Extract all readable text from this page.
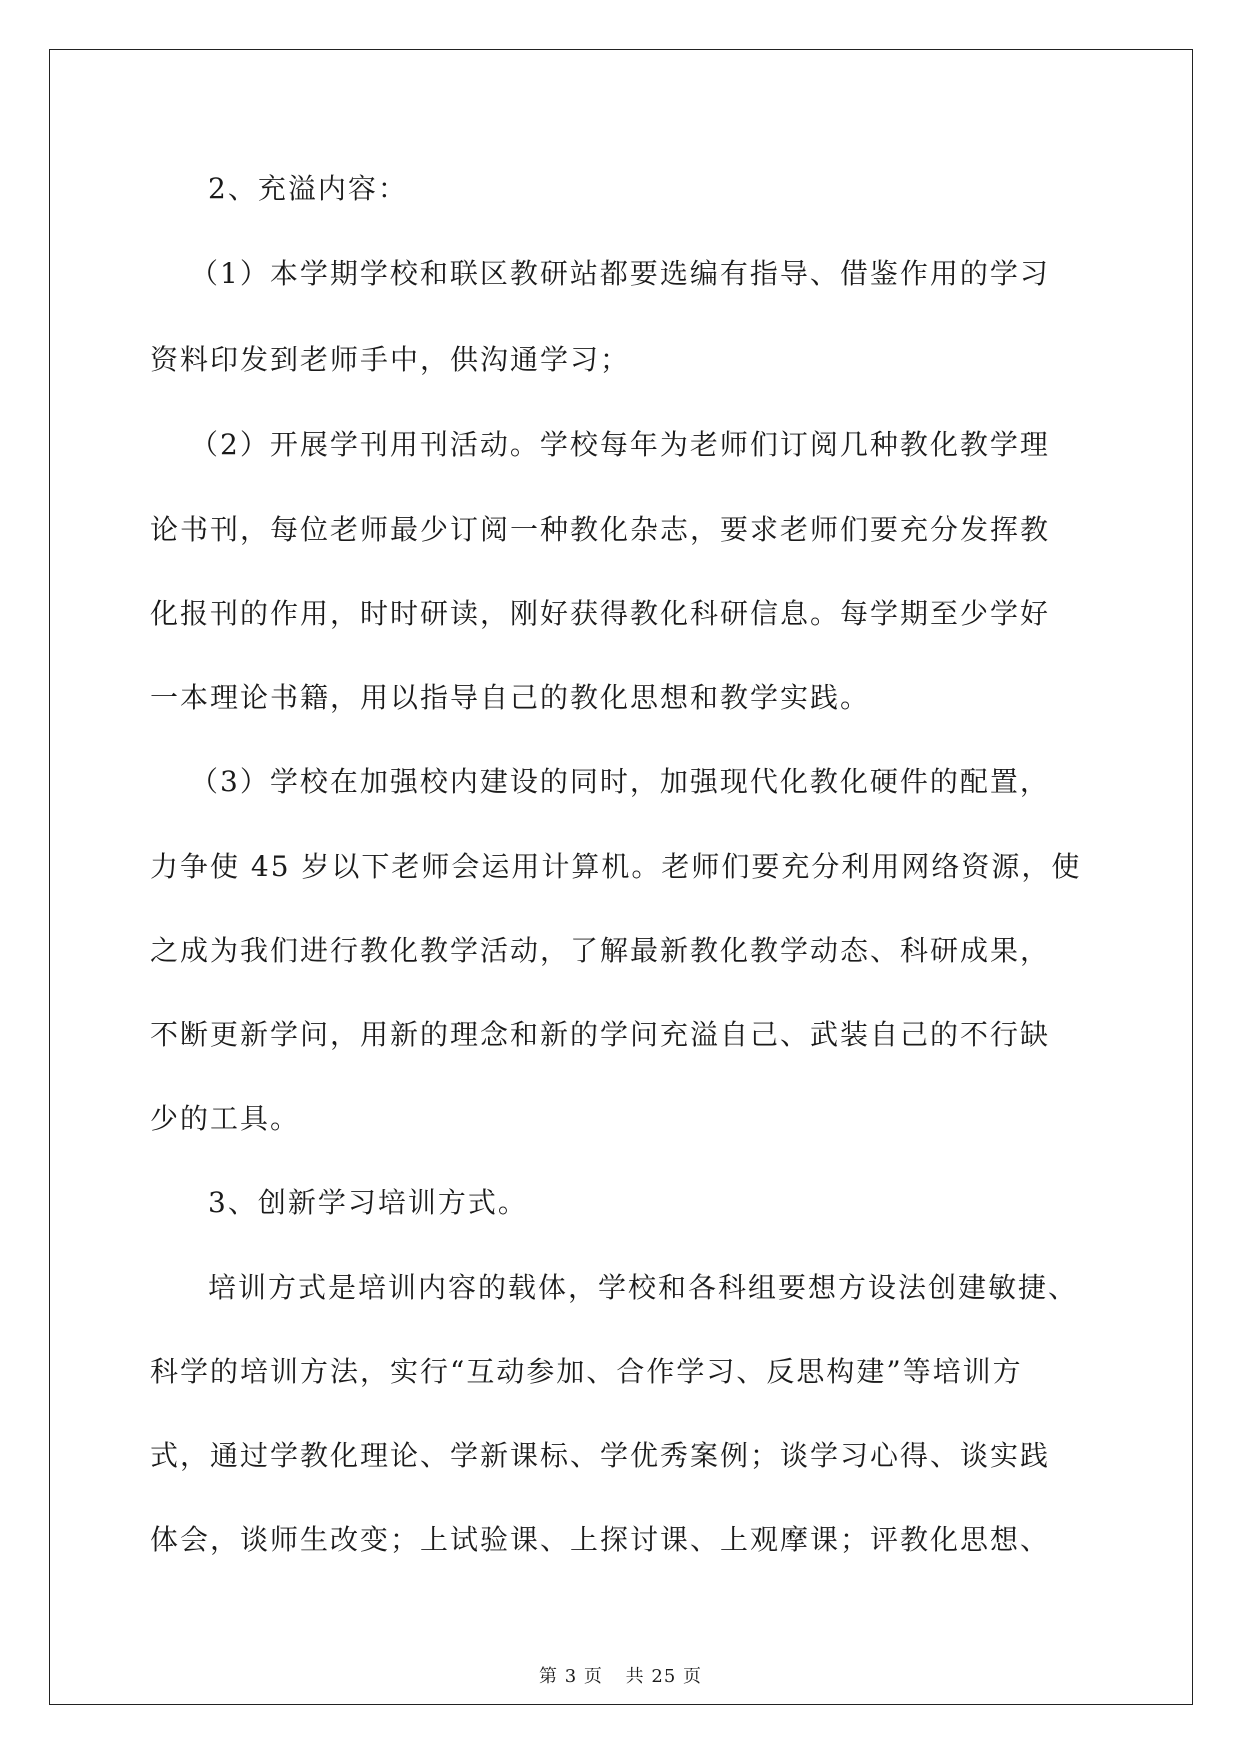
2、充溢内容：
（1）本学期学校和联区教研站都要选编有指导、借鉴作用的学习
资料印发到老师手中，供沟通学习；
（2）开展学刊用刊活动。学校每年为老师们订阅几种教化教学理
论书刊，每位老师最少订阅一种教化杂志，要求老师们要充分发挥教
化报刊的作用，时时研读，刚好获得教化科研信息。每学期至少学好
一本理论书籍，用以指导自己的教化思想和教学实践。
（3）学校在加强校内建设的同时，加强现代化教化硬件的配置，
力争使 45 岁以下老师会运用计算机。老师们要充分利用网络资源，使
之成为我们进行教化教学活动，了解最新教化教学动态、科研成果，
不断更新学问，用新的理念和新的学问充溢自己、武装自己的不行缺
少的工具。
3、创新学习培训方式。
培训方式是培训内容的载体，学校和各科组要想方设法创建敏捷、
科学的培训方法，实行“互动参加、合作学习、反思构建”等培训方
式，通过学教化理论、学新课标、学优秀案例；谈学习心得、谈实践
体会，谈师生改变；上试验课、上探讨课、上观摩课；评教化思想、
第 3 页 共 25 页
